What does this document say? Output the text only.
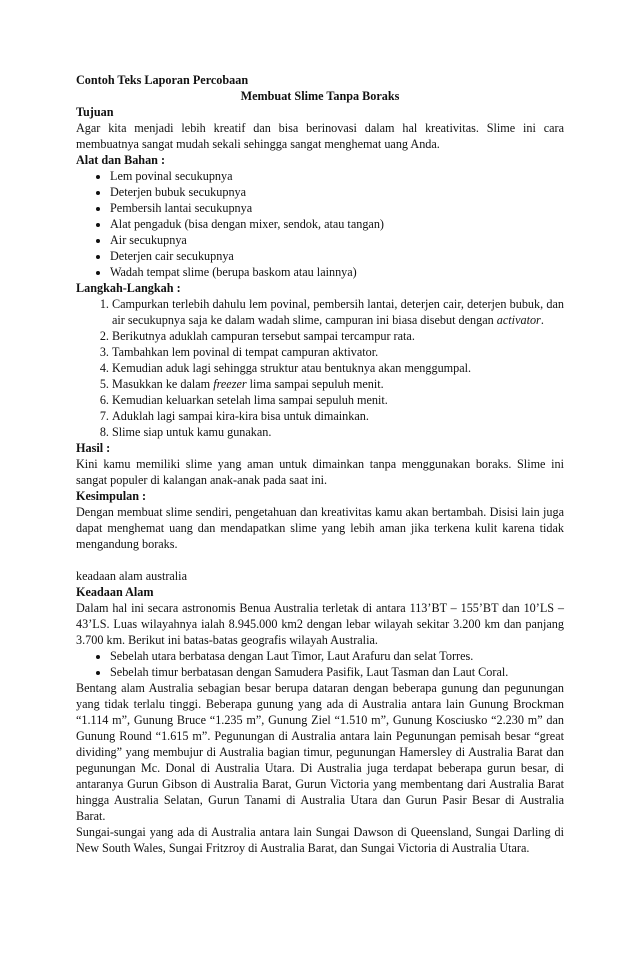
Contoh Teks Laporan Percobaan

Membuat Slime Tanpa Boraks

Tujuan

Agar kita menjadi lebih kreatif dan bisa berinovasi dalam hal kreativitas. Slime ini cara membuatnya sangat mudah sekali sehingga sangat menghemat uang Anda.

Alat dan Bahan :

• Lem povinal secukupnya
• Deterjen bubuk secukupnya
• Pembersih lantai secukupnya
• Alat pengaduk (bisa dengan mixer, sendok, atau tangan)
• Air secukupnya
• Deterjen cair secukupnya
• Wadah tempat slime (berupa baskom atau lainnya)

Langkah-Langkah :

1. Campurkan terlebih dahulu lem povinal, pembersih lantai, deterjen cair, deterjen bubuk, dan air secukupnya saja ke dalam wadah slime, campuran ini biasa disebut dengan activator.
2. Berikutnya aduklah campuran tersebut sampai tercampur rata.
3. Tambahkan lem povinal di tempat campuran aktivator.
4. Kemudian aduk lagi sehingga struktur atau bentuknya akan menggumpal.
5. Masukkan ke dalam freezer lima sampai sepuluh menit.
6. Kemudian keluarkan setelah lima sampai sepuluh menit.
7. Aduklah lagi sampai kira-kira bisa untuk dimainkan.
8. Slime siap untuk kamu gunakan.

Hasil :

Kini kamu memiliki slime yang aman untuk dimainkan tanpa menggunakan boraks. Slime ini sangat populer di kalangan anak-anak pada saat ini.

Kesimpulan :

Dengan membuat slime sendiri, pengetahuan dan kreativitas kamu akan bertambah. Disisi lain juga dapat menghemat uang dan mendapatkan slime yang lebih aman jika terkena kulit karena tidak mengandung boraks.

keadaan alam australia

Keadaan Alam

Dalam hal ini secara astronomis Benua Australia terletak di antara 113’BT – 155’BT dan 10’LS – 43’LS. Luas wilayahnya ialah 8.945.000 km2 dengan lebar wilayah sekitar 3.200 km dan panjang 3.700 km. Berikut ini batas-batas geografis wilayah Australia.

• Sebelah utara berbatasa dengan Laut Timor, Laut Arafuru dan selat Torres.
• Sebelah timur berbatasan dengan Samudera Pasifik, Laut Tasman dan Laut Coral.

Bentang alam Australia sebagian besar berupa dataran dengan beberapa gunung dan pegunungan yang tidak terlalu tinggi. Beberapa gunung yang ada di Australia antara lain Gunung Brockman “1.114 m”, Gunung Bruce “1.235 m”, Gunung Ziel “1.510 m”, Gunung Kosciusko “2.230 m” dan Gunung Round “1.615 m”. Pegunungan di Australia antara lain Pegunungan pemisah besar “great dividing” yang membujur di Australia bagian timur, pegunungan Hamersley di Australia Barat dan pegunungan Mc. Donal di Australia Utara. Di Australia juga terdapat beberapa gurun besar, di antaranya Gurun Gibson di Australia Barat, Gurun Victoria yang membentang dari Australia Barat hingga Australia Selatan, Gurun Tanami di Australia Utara dan Gurun Pasir Besar di Australia Barat.

Sungai-sungai yang ada di Australia antara lain Sungai Dawson di Queensland, Sungai Darling di New South Wales, Sungai Fritzroy di Australia Barat, dan Sungai Victoria di Australia Utara.
